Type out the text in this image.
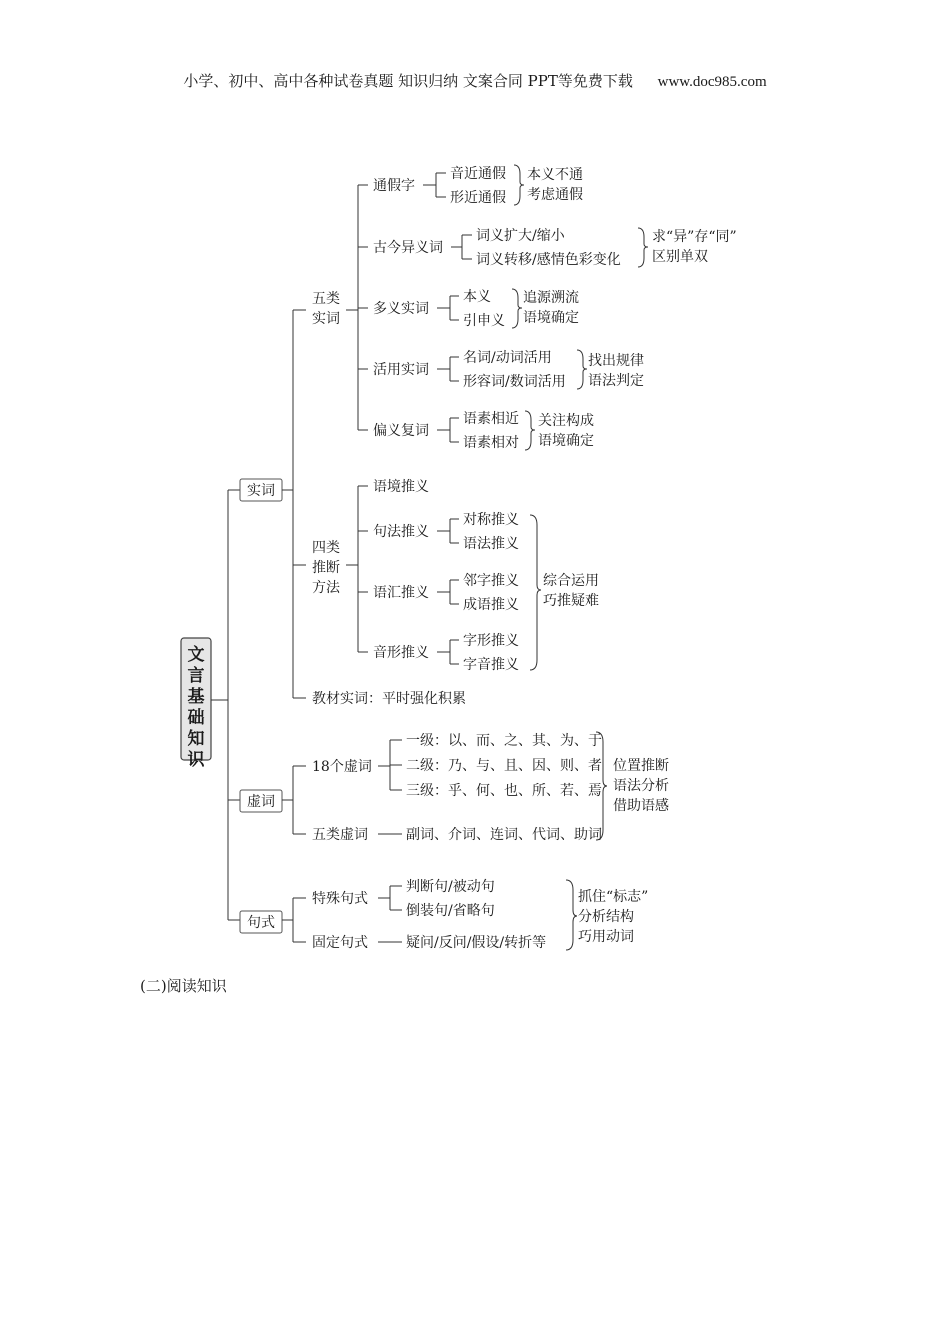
小学、初中、高中各种试卷真题 知识归纳 文案合同 PPT等免费下载 www.doc985.com
文
言
基
础
知
识
实词
虚词
句式
五类
实词
通假字
音近通假
形近通假
本义不通
考虑通假
古今异义词
词义扩大/缩小
词义转移/感情色彩变化
求“异”存“同”
区别单双
多义实词
本义
引申义
追源溯流
语境确定
活用实词
名词/动词活用
形容词/数词活用
找出规律
语法判定
偏义复词
语素相近
语素相对
关注构成
语境确定
四类
推断
方法
语境推义
句法推义
对称推义
语法推义
语汇推义
邻字推义
成语推义
音形推义
字形推义
字音推义
综合运用
巧推疑难
教材实词：平时强化积累
18个虚词
一级：以、而、之、其、为、于
二级：乃、与、且、因、则、者
三级：乎、何、也、所、若、焉
五类虚词	副词、介词、连词、代词、助词
位置推断
语法分析
借助语感
特殊句式
判断句/被动句
倒装句/省略句
固定句式	疑问/反问/假设/转折等
抓住“标志”
分析结构
巧用动词
(二)阅读知识
